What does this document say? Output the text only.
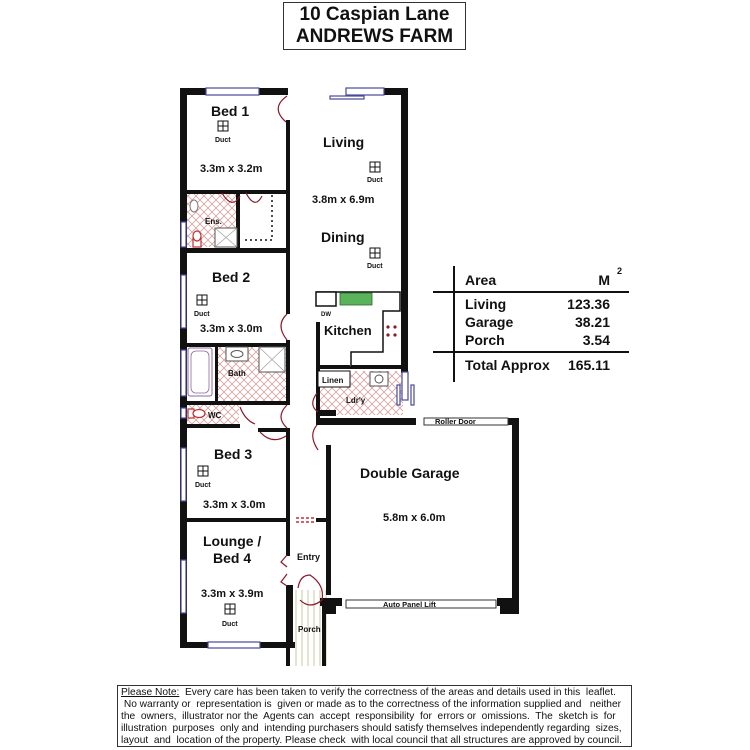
10 Caspian Lane
ANDREWS FARM
Bed 1
Duct
3.3m x 3.2m
Ens.
Living
Duct
3.8m x 6.9m
Dining
Duct
Bed 2
Duct
3.3m x 3.0m
DW
Kitchen
Bath
WC
Linen
Ldr'y
Bed 3
Duct
3.3m x 3.0m
Lounge /
Bed 4
3.3m x 3.9m
Duct
Entry
Porch
Double Garage
5.8m x 6.0m
Roller Door
Auto Panel Lift
Area	M
2
Living	123.36
Garage	38.21
Porch	3.54
Total Approx 165.11
Please Note:  Every care has been taken to verify the correctness of the areas and details used in this  leaflet.
No warranty or  representation is  given or made as to the correctness of the information supplied and   neither
the  owners,  illustrator nor the  Agents can  accept  responsibility  for  errors or  omissions.  The  sketch is  for
illustration  purposes  only and  intending purchasers should satisfy themselves independently regarding  sizes,
layout  and  location of the property. Please check  with local council that all structures are approved by council.
